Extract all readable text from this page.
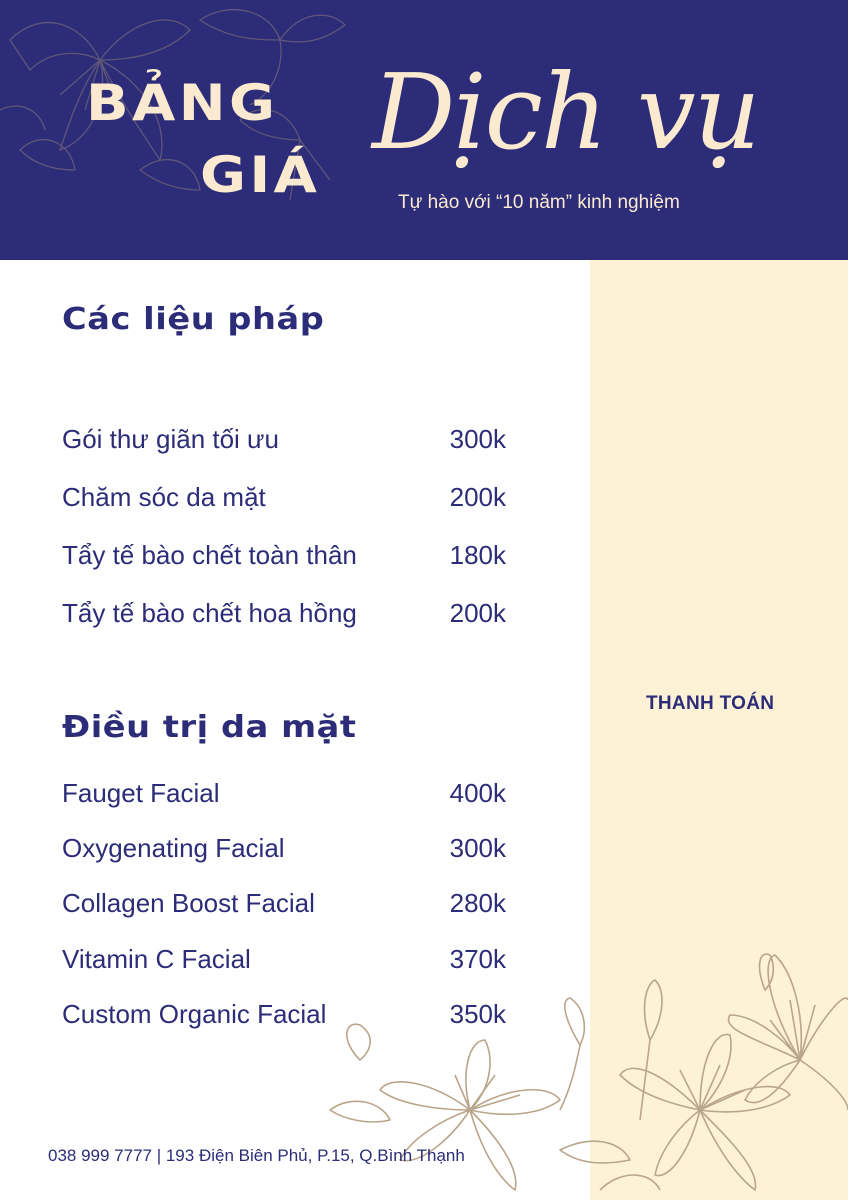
BẢNG
GIÁ
Dịch vụ
Tự hào với “10 năm” kinh nghiệm
THANH TOÁN
Các liệu pháp
Gói thư giãn tối ưu	300k
Chăm sóc da mặt	200k
Tẩy tế bào chết toàn thân	180k
Tẩy tế bào chết hoa hồng	200k
Điều trị da mặt
Fauget Facial	400k
Oxygenating Facial	300k
Collagen Boost Facial	280k
Vitamin C Facial	370k
Custom Organic Facial	350k
038 999 7777 | 193 Điện Biên Phủ, P.15, Q.Bình Thạnh
